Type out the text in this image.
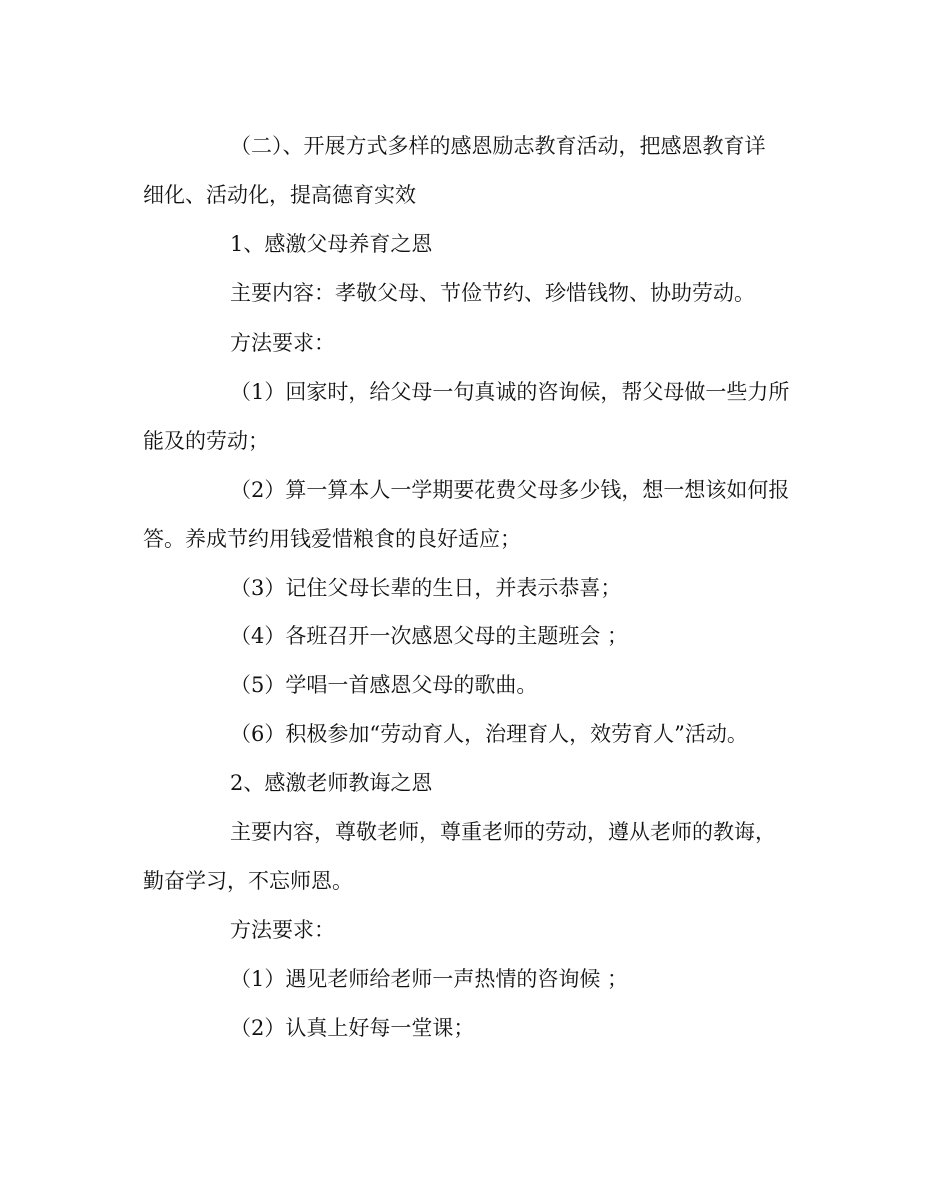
（二）、开展方式多样的感恩励志教育活动，把感恩教育详
细化、活动化，提高德育实效
1、感激父母养育之恩
主要内容：孝敬父母、节俭节约、珍惜钱物、协助劳动。
方法要求：
（1）回家时，给父母一句真诚的咨询候，帮父母做一些力所
能及的劳动；
（2）算一算本人一学期要花费父母多少钱，想一想该如何报
答。养成节约用钱爱惜粮食的良好适应；
（3）记住父母长辈的生日，并表示恭喜；
（4）各班召开一次感恩父母的主题班会 ；
（5）学唱一首感恩父母的歌曲。
（6）积极参加“劳动育人，治理育人，效劳育人”活动。
2、感激老师教诲之恩
主要内容，尊敬老师，尊重老师的劳动，遵从老师的教诲，
勤奋学习，不忘师恩。
方法要求：
（1）遇见老师给老师一声热情的咨询候 ；
（2）认真上好每一堂课；
